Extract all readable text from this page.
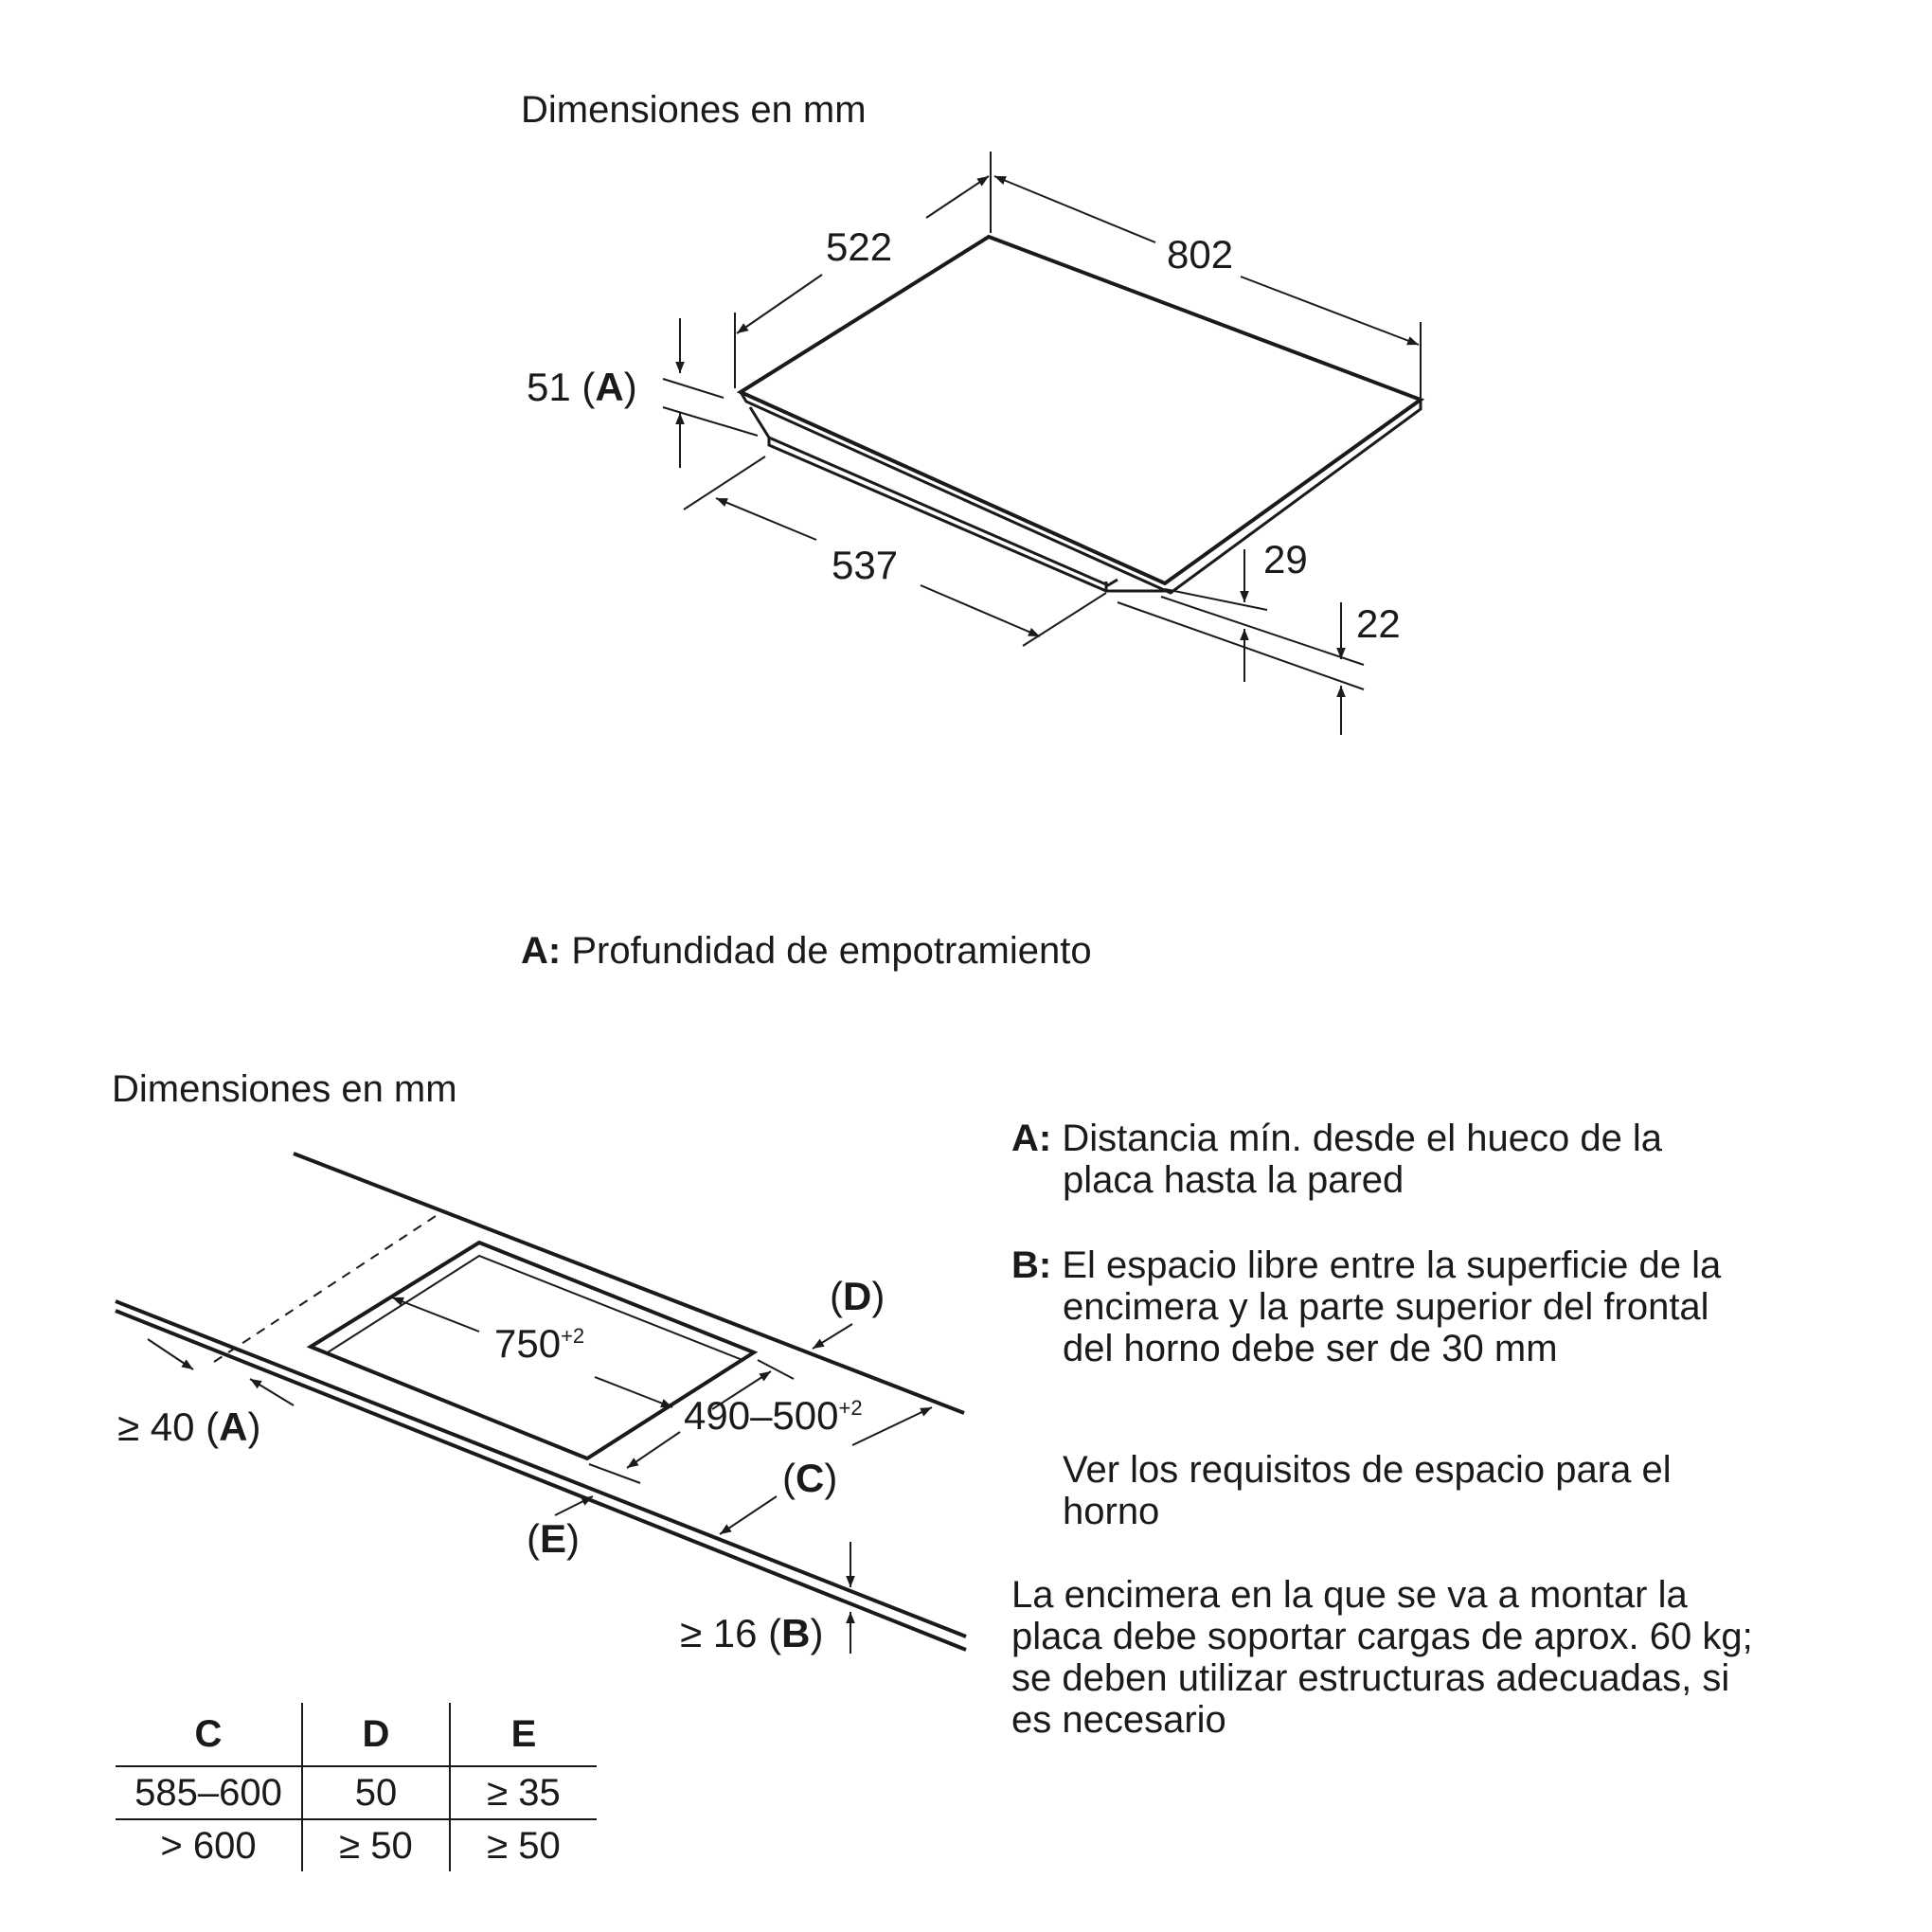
Dimensiones en mm
522	802
51 (A)
537	29
22
A: Profundidad de empotramiento
Dimensiones en mm
$750^{+2}$
$490-500^{+2}$
(D)
(C)
(E)
≥ 40 (A)
≥ 16 (B)
A: Distancia mín. desde el hueco de la
placa hasta la pared
B: El espacio libre entre la superficie de la
encimera y la parte superior del frontal
del horno debe ser de 30 mm
Ver los requisitos de espacio para el
horno
La encimera en la que se va a montar la
placa debe soportar cargas de aprox. 60 kg;
se deben utilizar estructuras adecuadas, si
es necesario
C	D	E
585–600	50	≥ 35
> 600	≥ 50	≥ 50
